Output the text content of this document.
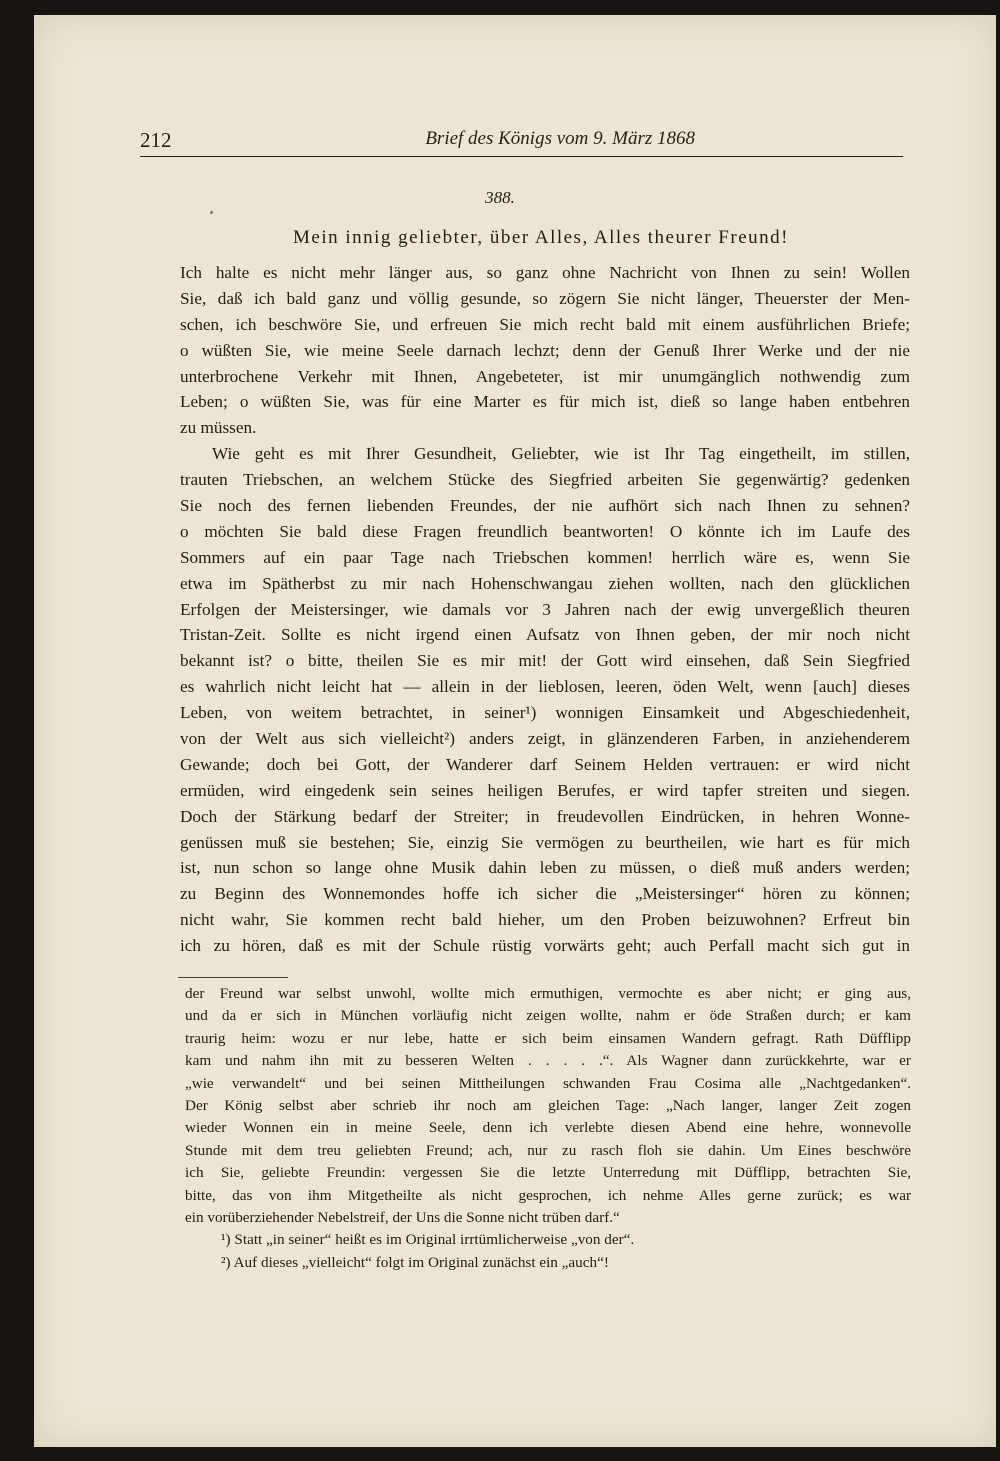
212	Brief des Königs vom 9. März 1868
388.
Mein innig geliebter, über Alles, Alles theurer Freund!
Ich halte es nicht mehr länger aus, so ganz ohne Nachricht von Ihnen zu sein! Wollen
Sie, daß ich bald ganz und völlig gesunde, so zögern Sie nicht länger, Theuerster der Men-
schen, ich beschwöre Sie, und erfreuen Sie mich recht bald mit einem ausführlichen Briefe;
o wüßten Sie, wie meine Seele darnach lechzt; denn der Genuß Ihrer Werke und der nie
unterbrochene Verkehr mit Ihnen, Angebeteter, ist mir unumgänglich nothwendig zum
Leben; o wüßten Sie, was für eine Marter es für mich ist, dieß so lange haben entbehren
zu müssen.
Wie geht es mit Ihrer Gesundheit, Geliebter, wie ist Ihr Tag eingetheilt, im stillen,
trauten Triebschen, an welchem Stücke des Siegfried arbeiten Sie gegenwärtig? gedenken
Sie noch des fernen liebenden Freundes, der nie aufhört sich nach Ihnen zu sehnen?
o möchten Sie bald diese Fragen freundlich beantworten! O könnte ich im Laufe des
Sommers auf ein paar Tage nach Triebschen kommen! herrlich wäre es, wenn Sie
etwa im Spätherbst zu mir nach Hohenschwangau ziehen wollten, nach den glücklichen
Erfolgen der Meistersinger, wie damals vor 3 Jahren nach der ewig unvergeßlich theuren
Tristan-Zeit. Sollte es nicht irgend einen Aufsatz von Ihnen geben, der mir noch nicht
bekannt ist? o bitte, theilen Sie es mir mit! der Gott wird einsehen, daß Sein Siegfried
es wahrlich nicht leicht hat — allein in der lieblosen, leeren, öden Welt, wenn [auch] dieses
Leben, von weitem betrachtet, in seiner¹) wonnigen Einsamkeit und Abgeschiedenheit,
von der Welt aus sich vielleicht²) anders zeigt, in glänzenderen Farben, in anziehenderem
Gewande; doch bei Gott, der Wanderer darf Seinem Helden vertrauen: er wird nicht
ermüden, wird eingedenk sein seines heiligen Berufes, er wird tapfer streiten und siegen.
Doch der Stärkung bedarf der Streiter; in freudevollen Eindrücken, in hehren Wonne-
genüssen muß sie bestehen; Sie, einzig Sie vermögen zu beurtheilen, wie hart es für mich
ist, nun schon so lange ohne Musik dahin leben zu müssen, o dieß muß anders werden;
zu Beginn des Wonnemondes hoffe ich sicher die „Meistersinger“ hören zu können;
nicht wahr, Sie kommen recht bald hieher, um den Proben beizuwohnen? Erfreut bin
ich zu hören, daß es mit der Schule rüstig vorwärts geht; auch Perfall macht sich gut in
der Freund war selbst unwohl, wollte mich ermuthigen, vermochte es aber nicht; er ging aus,
und da er sich in München vorläufig nicht zeigen wollte, nahm er öde Straßen durch; er kam
traurig heim: wozu er nur lebe, hatte er sich beim einsamen Wandern gefragt. Rath Düfflipp
kam und nahm ihn mit zu besseren Welten . . . . .“. Als Wagner dann zurückkehrte, war er
„wie verwandelt“ und bei seinen Mittheilungen schwanden Frau Cosima alle „Nachtgedanken“.
Der König selbst aber schrieb ihr noch am gleichen Tage: „Nach langer, langer Zeit zogen
wieder Wonnen ein in meine Seele, denn ich verlebte diesen Abend eine hehre, wonnevolle
Stunde mit dem treu geliebten Freund; ach, nur zu rasch floh sie dahin. Um Eines beschwöre
ich Sie, geliebte Freundin: vergessen Sie die letzte Unterredung mit Düfflipp, betrachten Sie,
bitte, das von ihm Mitgetheilte als nicht gesprochen, ich nehme Alles gerne zurück; es war
ein vorüberziehender Nebelstreif, der Uns die Sonne nicht trüben darf.“
¹) Statt „in seiner“ heißt es im Original irrtümlicherweise „von der“.
²) Auf dieses „vielleicht“ folgt im Original zunächst ein „auch“!
